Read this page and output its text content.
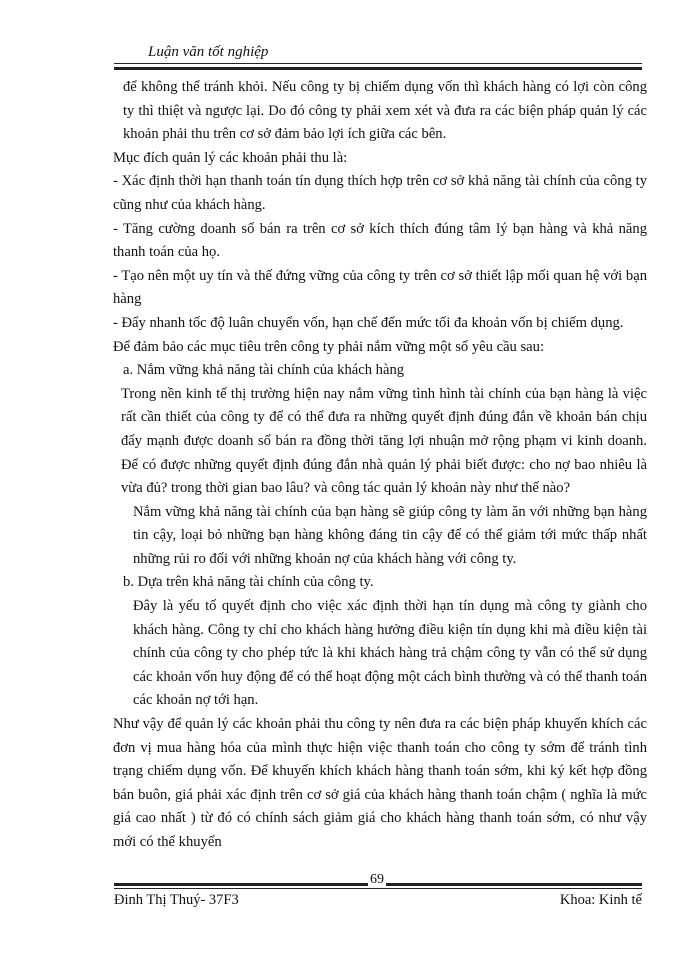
Luận văn tốt nghiệp

để không thể tránh khỏi. Nếu công ty bị chiếm dụng vốn thì khách hàng có lợi còn công ty thì thiệt và ngược lại. Do đó công ty phải xem xét và đưa ra các biện pháp quản lý các khoản phải thu trên cơ sở đảm bảo lợi ích giữa các bên.

Mục đích quản lý các khoản phải thu là:

- Xác định thời hạn thanh toán tín dụng thích hợp trên cơ sở khả năng tài chính của công ty cũng như của khách hàng.

- Tăng cường doanh số bán ra trên cơ sở kích thích đúng tâm lý bạn hàng và khả năng thanh toán của họ.

- Tạo nên một uy tín và thế đứng vững của công ty trên cơ sở thiết lập mối quan hệ với bạn hàng

- Đẩy nhanh tốc độ luân chuyển vốn, hạn chế đến mức tối đa khoản vốn bị chiếm dụng.

Để đảm bảo các mục tiêu trên công ty phải nắm vững một số yêu cầu sau:

a. Nắm vững khả năng tài chính của khách hàng

Trong nền kinh tế thị trường hiện nay nắm vững tình hình tài chính của bạn hàng là việc rất cần thiết của công ty để có thể đưa ra những quyết định đúng đắn về khoản bán chịu đẩy mạnh được doanh số bán ra đồng thời tăng lợi nhuận mở rộng phạm vi kinh doanh. Để có được những quyết định đúng đắn nhà quản lý phải biết được: cho nợ bao nhiêu là vừa đủ? trong thời gian bao lâu? và công tác quản lý khoản này như thế nào?

Nắm vững khả năng tài chính của bạn hàng sẽ giúp công ty làm ăn với những bạn hàng tin cậy, loại bỏ những bạn hàng không đáng tin cậy để có thể giảm tới mức thấp nhất những rủi ro đối với những khoản nợ của khách hàng với công ty.

b. Dựa trên khả năng tài chính của công ty.

Đây là yếu tố quyết định cho việc xác định thời hạn tín dụng mà công ty giành cho khách hàng. Công ty chỉ cho khách hàng hưởng điều kiện tín dụng khi mà điều kiện tài chính của công ty cho phép tức là khi khách hàng trả chậm công ty vẫn có thể sử dụng các khoản vốn huy động để có thể hoạt động một cách bình thường và có thể thanh toán các khoản nợ tới hạn.

Như vậy để quản lý các khoản phải thu công ty nên đưa ra các biện pháp khuyến khích các đơn vị mua hàng hóa của mình thực hiện việc thanh toán cho công ty sớm để tránh tình trạng chiếm dụng vốn. Để khuyến khích khách hàng thanh toán sớm, khi ký kết hợp đồng bán buôn, giá phải xác định trên cơ sở giá của khách hàng thanh toán chậm ( nghĩa là mức giá cao nhất ) từ đó có chính sách giảm giá cho khách hàng thanh toán sớm, có như vậy mới có thể khuyến

69
Đinh Thị Thuý- 37F3	Khoa: Kinh tế
